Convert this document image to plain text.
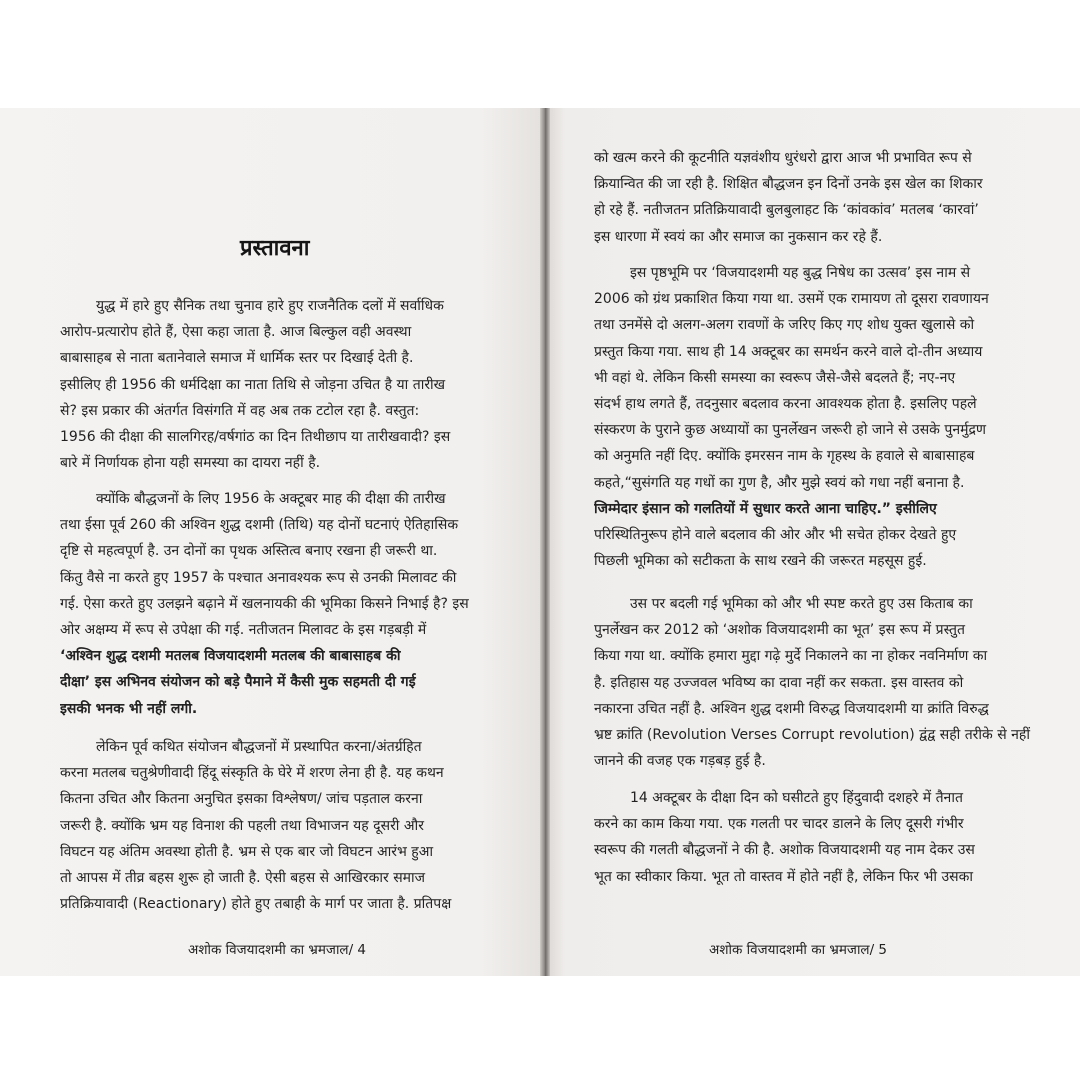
प्रस्तावना
युद्ध में हारे हुए सैनिक तथा चुनाव हारे हुए राजनैतिक दलों में सर्वाधिक
आरोप-प्रत्यारोप होते हैं, ऐसा कहा जाता है. आज बिल्कुल वही अवस्था
बाबासाहब से नाता बतानेवाले समाज में धार्मिक स्तर पर दिखाई देती है.
इसीलिए ही 1956 की धर्मदिक्षा का नाता तिथि से जोड़ना उचित है या तारीख
से? इस प्रकार की अंतर्गत विसंगति में वह अब तक टटोल रहा है. वस्तुत:
1956 की दीक्षा की सालगिरह/वर्षगांठ का दिन तिथीछाप या तारीखवादी? इस
बारे में निर्णायक होना यही समस्या का दायरा नहीं है.
क्योंकि बौद्धजनों के लिए 1956 के अक्टूबर माह की दीक्षा की तारीख
तथा ईसा पूर्व 260 की अश्विन शुद्ध दशमी (तिथि) यह दोनों घटनाएं ऐतिहासिक
दृष्टि से महत्वपूर्ण है. उन दोनों का पृथक अस्तित्व बनाए रखना ही जरूरी था.
किंतु वैसे ना करते हुए 1957 के पश्चात अनावश्यक रूप से उनकी मिलावट की
गई. ऐसा करते हुए उलझने बढ़ाने में खलनायकी की भूमिका किसने निभाई है? इस
ओर अक्षम्य में रूप से उपेक्षा की गई. नतीजतन मिलावट के इस गड़बड़ी में
‘अश्विन शुद्ध दशमी मतलब विजयादशमी मतलब की बाबासाहब की
दीक्षा’ इस अभिनव संयोजन को बड़े पैमाने में कैसी मुक सहमती दी गई
इसकी भनक भी नहीं लगी.
लेकिन पूर्व कथित संयोजन बौद्धजनों में प्रस्थापित करना/अंतर्ग्रहित
करना मतलब चतुश्रेणीवादी हिंदू संस्कृति के घेरे में शरण लेना ही है. यह कथन
कितना उचित और कितना अनुचित इसका विश्लेषण/ जांच पड़ताल करना
जरूरी है. क्योंकि भ्रम यह विनाश की पहली तथा विभाजन यह दूसरी और
विघटन यह अंतिम अवस्था होती है. भ्रम से एक बार जो विघटन आरंभ हुआ
तो आपस में तीव्र बहस शुरू हो जाती है. ऐसी बहस से आखिरकार समाज
प्रतिक्रियावादी (Reactionary) होते हुए तबाही के मार्ग पर जाता है. प्रतिपक्ष

अशोक विजयादशमी का भ्रमजाल/ 4

को खत्म करने की कूटनीति यज्ञवंशीय धुरंधरो द्वारा आज भी प्रभावित रूप से
क्रियान्वित की जा रही है. शिक्षित बौद्धजन इन दिनों उनके इस खेल का शिकार
हो रहे हैं. नतीजतन प्रतिक्रियावादी बुलबुलाहट कि ‘कांवकांव’ मतलब ‘कारवां’
इस धारणा में स्वयं का और समाज का नुकसान कर रहे हैं.
इस पृष्ठभूमि पर ‘विजयादशमी यह बुद्ध निषेध का उत्सव’ इस नाम से
2006 को ग्रंथ प्रकाशित किया गया था. उसमें एक रामायण तो दूसरा रावणायन
तथा उनमेंसे दो अलग-अलग रावणों के जरिए किए गए शोध युक्त खुलासे को
प्रस्तुत किया गया. साथ ही 14 अक्टूबर का समर्थन करने वाले दो-तीन अध्याय
भी वहां थे. लेकिन किसी समस्या का स्वरूप जैसे-जैसे बदलते हैं; नए-नए
संदर्भ हाथ लगते हैं, तदनुसार बदलाव करना आवश्यक होता है. इसलिए पहले
संस्करण के पुराने कुछ अध्यायों का पुनर्लेखन जरूरी हो जाने से उसके पुनर्मुद्रण
को अनुमति नहीं दिए. क्योंकि इमरसन नाम के गृहस्थ के हवाले से बाबासाहब
कहते,“सुसंगति यह गधों का गुण है, और मुझे स्वयं को गधा नहीं बनाना है.
जिम्मेदार इंसान को गलतियों में सुधार करते आना चाहिए.” इसीलिए
परिस्थितिनुरूप होने वाले बदलाव की ओर और भी सचेत होकर देखते हुए
पिछली भूमिका को सटीकता के साथ रखने की जरूरत महसूस हुई.
उस पर बदली गई भूमिका को और भी स्पष्ट करते हुए उस किताब का
पुनर्लेखन कर 2012 को ‘अशोक विजयादशमी का भूत’ इस रूप में प्रस्तुत
किया गया था. क्योंकि हमारा मुद्दा गढ़े मुर्दे निकालने का ना होकर नवनिर्माण का
है. इतिहास यह उज्जवल भविष्य का दावा नहीं कर सकता. इस वास्तव को
नकारना उचित नहीं है. अश्विन शुद्ध दशमी विरुद्ध विजयादशमी या क्रांति विरुद्ध
भ्रष्ट क्रांति (Revolution Verses Corrupt revolution) द्वंद्व सही तरीके से नहीं
जानने की वजह एक गड़बड़ हुई है.
14 अक्टूबर के दीक्षा दिन को घसीटते हुए हिंदुवादी दशहरे में तैनात
करने का काम किया गया. एक गलती पर चादर डालने के लिए दूसरी गंभीर
स्वरूप की गलती बौद्धजनों ने की है. अशोक विजयादशमी यह नाम देकर उस
भूत का स्वीकार किया. भूत तो वास्तव में होते नहीं है, लेकिन फिर भी उसका

अशोक विजयादशमी का भ्रमजाल/ 5
